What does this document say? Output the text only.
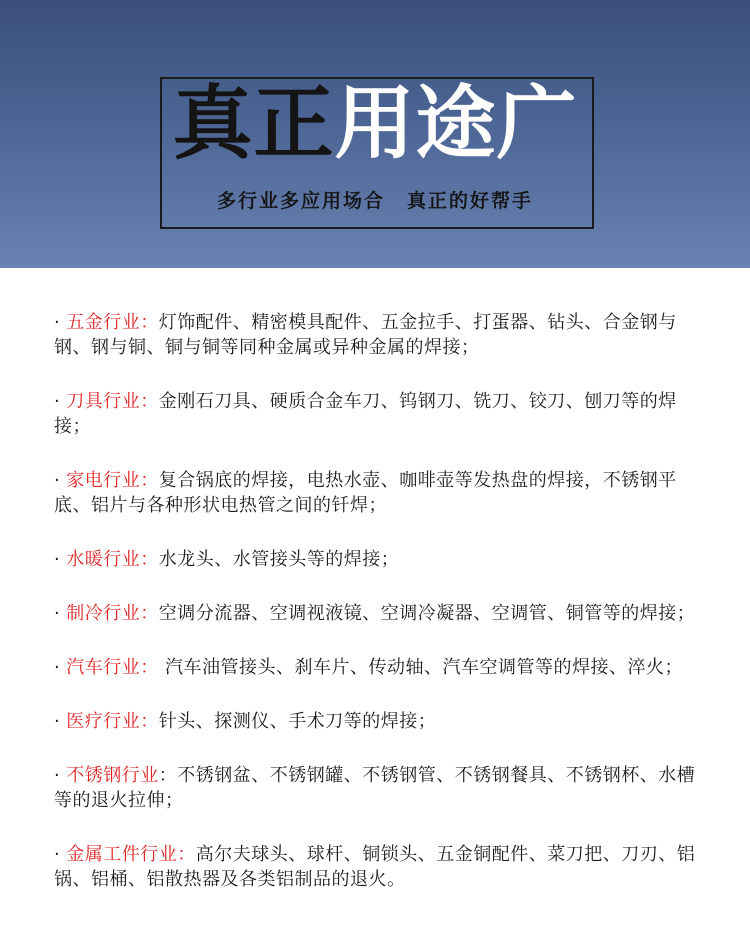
真正用途广
多行业多应用场合 真正的好帮手
· 五金行业：灯饰配件、精密模具配件、五金拉手、打蛋器、钻头、合金钢与钢、钢与铜、铜与铜等同种金属或异种金属的焊接；
· 刀具行业：金刚石刀具、硬质合金车刀、钨钢刀、铣刀、铰刀、刨刀等的焊接；
· 家电行业：复合锅底的焊接，电热水壶、咖啡壶等发热盘的焊接，不锈钢平底、铝片与各种形状电热管之间的钎焊；
· 水暖行业：水龙头、水管接头等的焊接；
· 制冷行业：空调分流器、空调视液镜、空调冷凝器、空调管、铜管等的焊接；
· 汽车行业： 汽车油管接头、刹车片、传动轴、汽车空调管等的焊接、淬火；
· 医疗行业：针头、探测仪、手术刀等的焊接；
· 不锈钢行业：不锈钢盆、不锈钢罐、不锈钢管、不锈钢餐具、不锈钢杯、水槽等的退火拉伸；
· 金属工件行业：高尔夫球头、球杆、铜锁头、五金铜配件、菜刀把、刀刃、铝锅、铝桶、铝散热器及各类铝制品的退火。
